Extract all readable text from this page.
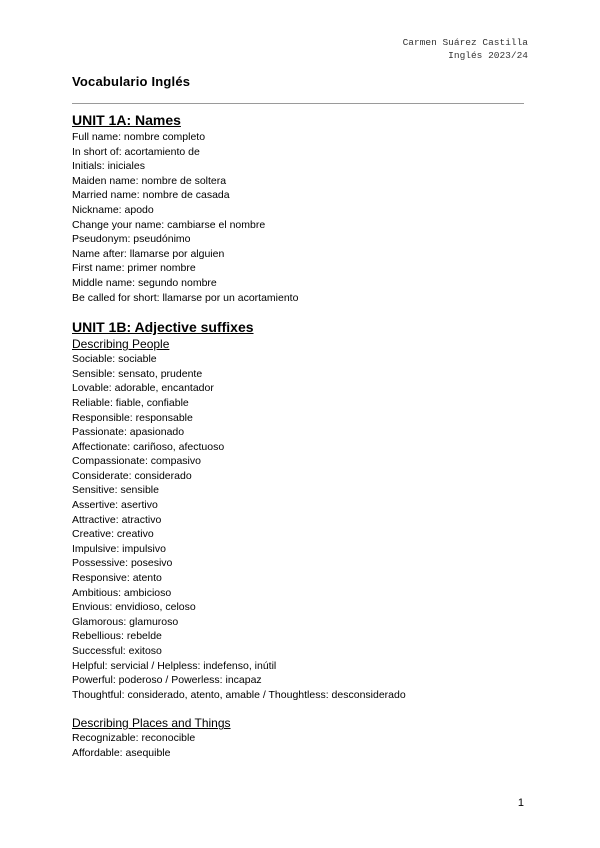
Carmen Suárez Castilla
Inglés 2023/24
Vocabulario Inglés
UNIT 1A: Names
Full name: nombre completo
In short of: acortamiento de
Initials: iniciales
Maiden name: nombre de soltera
Married name: nombre de casada
Nickname: apodo
Change your name: cambiarse el nombre
Pseudonym: pseudónimo
Name after: llamarse por alguien
First name: primer nombre
Middle name: segundo nombre
Be called for short: llamarse por un acortamiento
UNIT 1B: Adjective suffixes
Describing People
Sociable: sociable
Sensible: sensato, prudente
Lovable: adorable, encantador
Reliable: fiable, confiable
Responsible: responsable
Passionate: apasionado
Affectionate: cariñoso, afectuoso
Compassionate: compasivo
Considerate: considerado
Sensitive: sensible
Assertive: asertivo
Attractive: atractivo
Creative: creativo
Impulsive: impulsivo
Possessive: posesivo
Responsive: atento
Ambitious: ambicioso
Envious: envidioso, celoso
Glamorous: glamuroso
Rebellious: rebelde
Successful: exitoso
Helpful: servicial / Helpless: indefenso, inútil
Powerful: poderoso / Powerless: incapaz
Thoughtful: considerado, atento, amable / Thoughtless: desconsiderado
Describing Places and Things
Recognizable: reconocible
Affordable: asequible
1
